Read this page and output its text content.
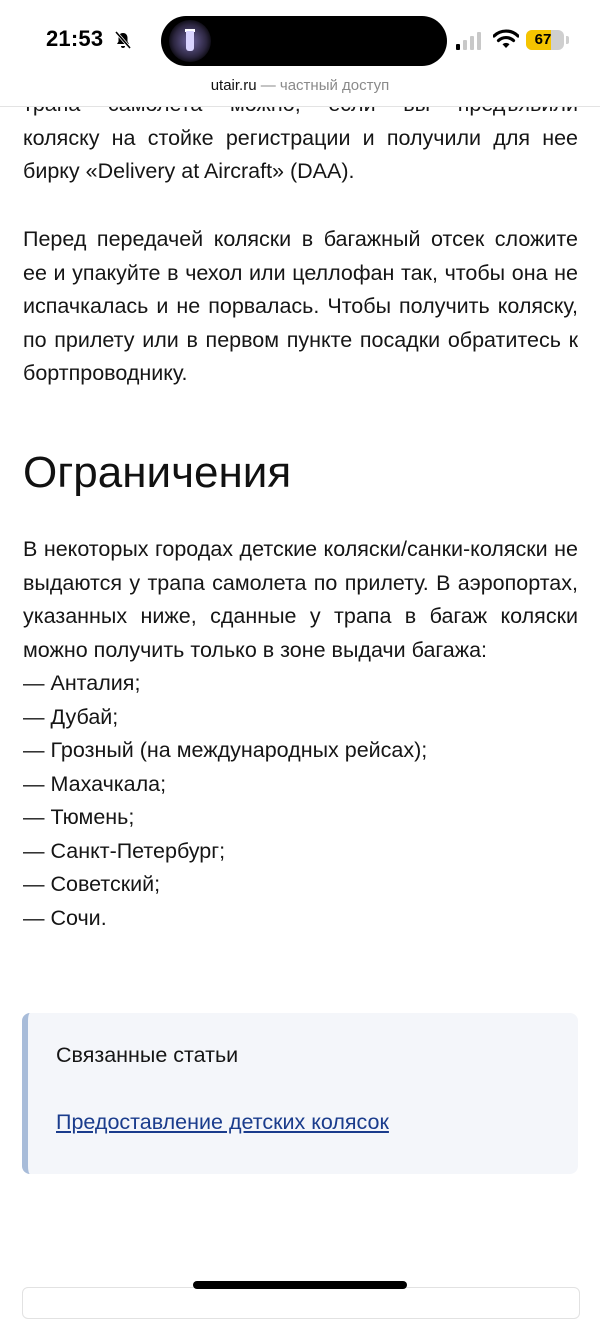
21:53	67
utair.ru — частный доступ

коляску на стойке регистрации и получили для нее бирку «Delivery at Aircraft» (DAA).

Перед передачей коляски в багажный отсек сложите ее и упакуйте в чехол или целлофан так, чтобы она не испачкалась и не порвалась. Чтобы получить коляску, по прилету или в первом пункте посадки обратитесь к бортпроводнику.

Ограничения

В некоторых городах детские коляски/санки-коляски не выдаются у трапа самолета по прилету. В аэропортах, указанных ниже, сданные у трапа в багаж коляски можно получить только в зоне выдачи багажа:

— Анталия;
— Дубай;
— Грозный (на международных рейсах);
— Махачкала;
— Тюмень;
— Санкт-Петербург;
— Советский;
— Сочи.
Связанные статьи
Предоставление детских колясок
